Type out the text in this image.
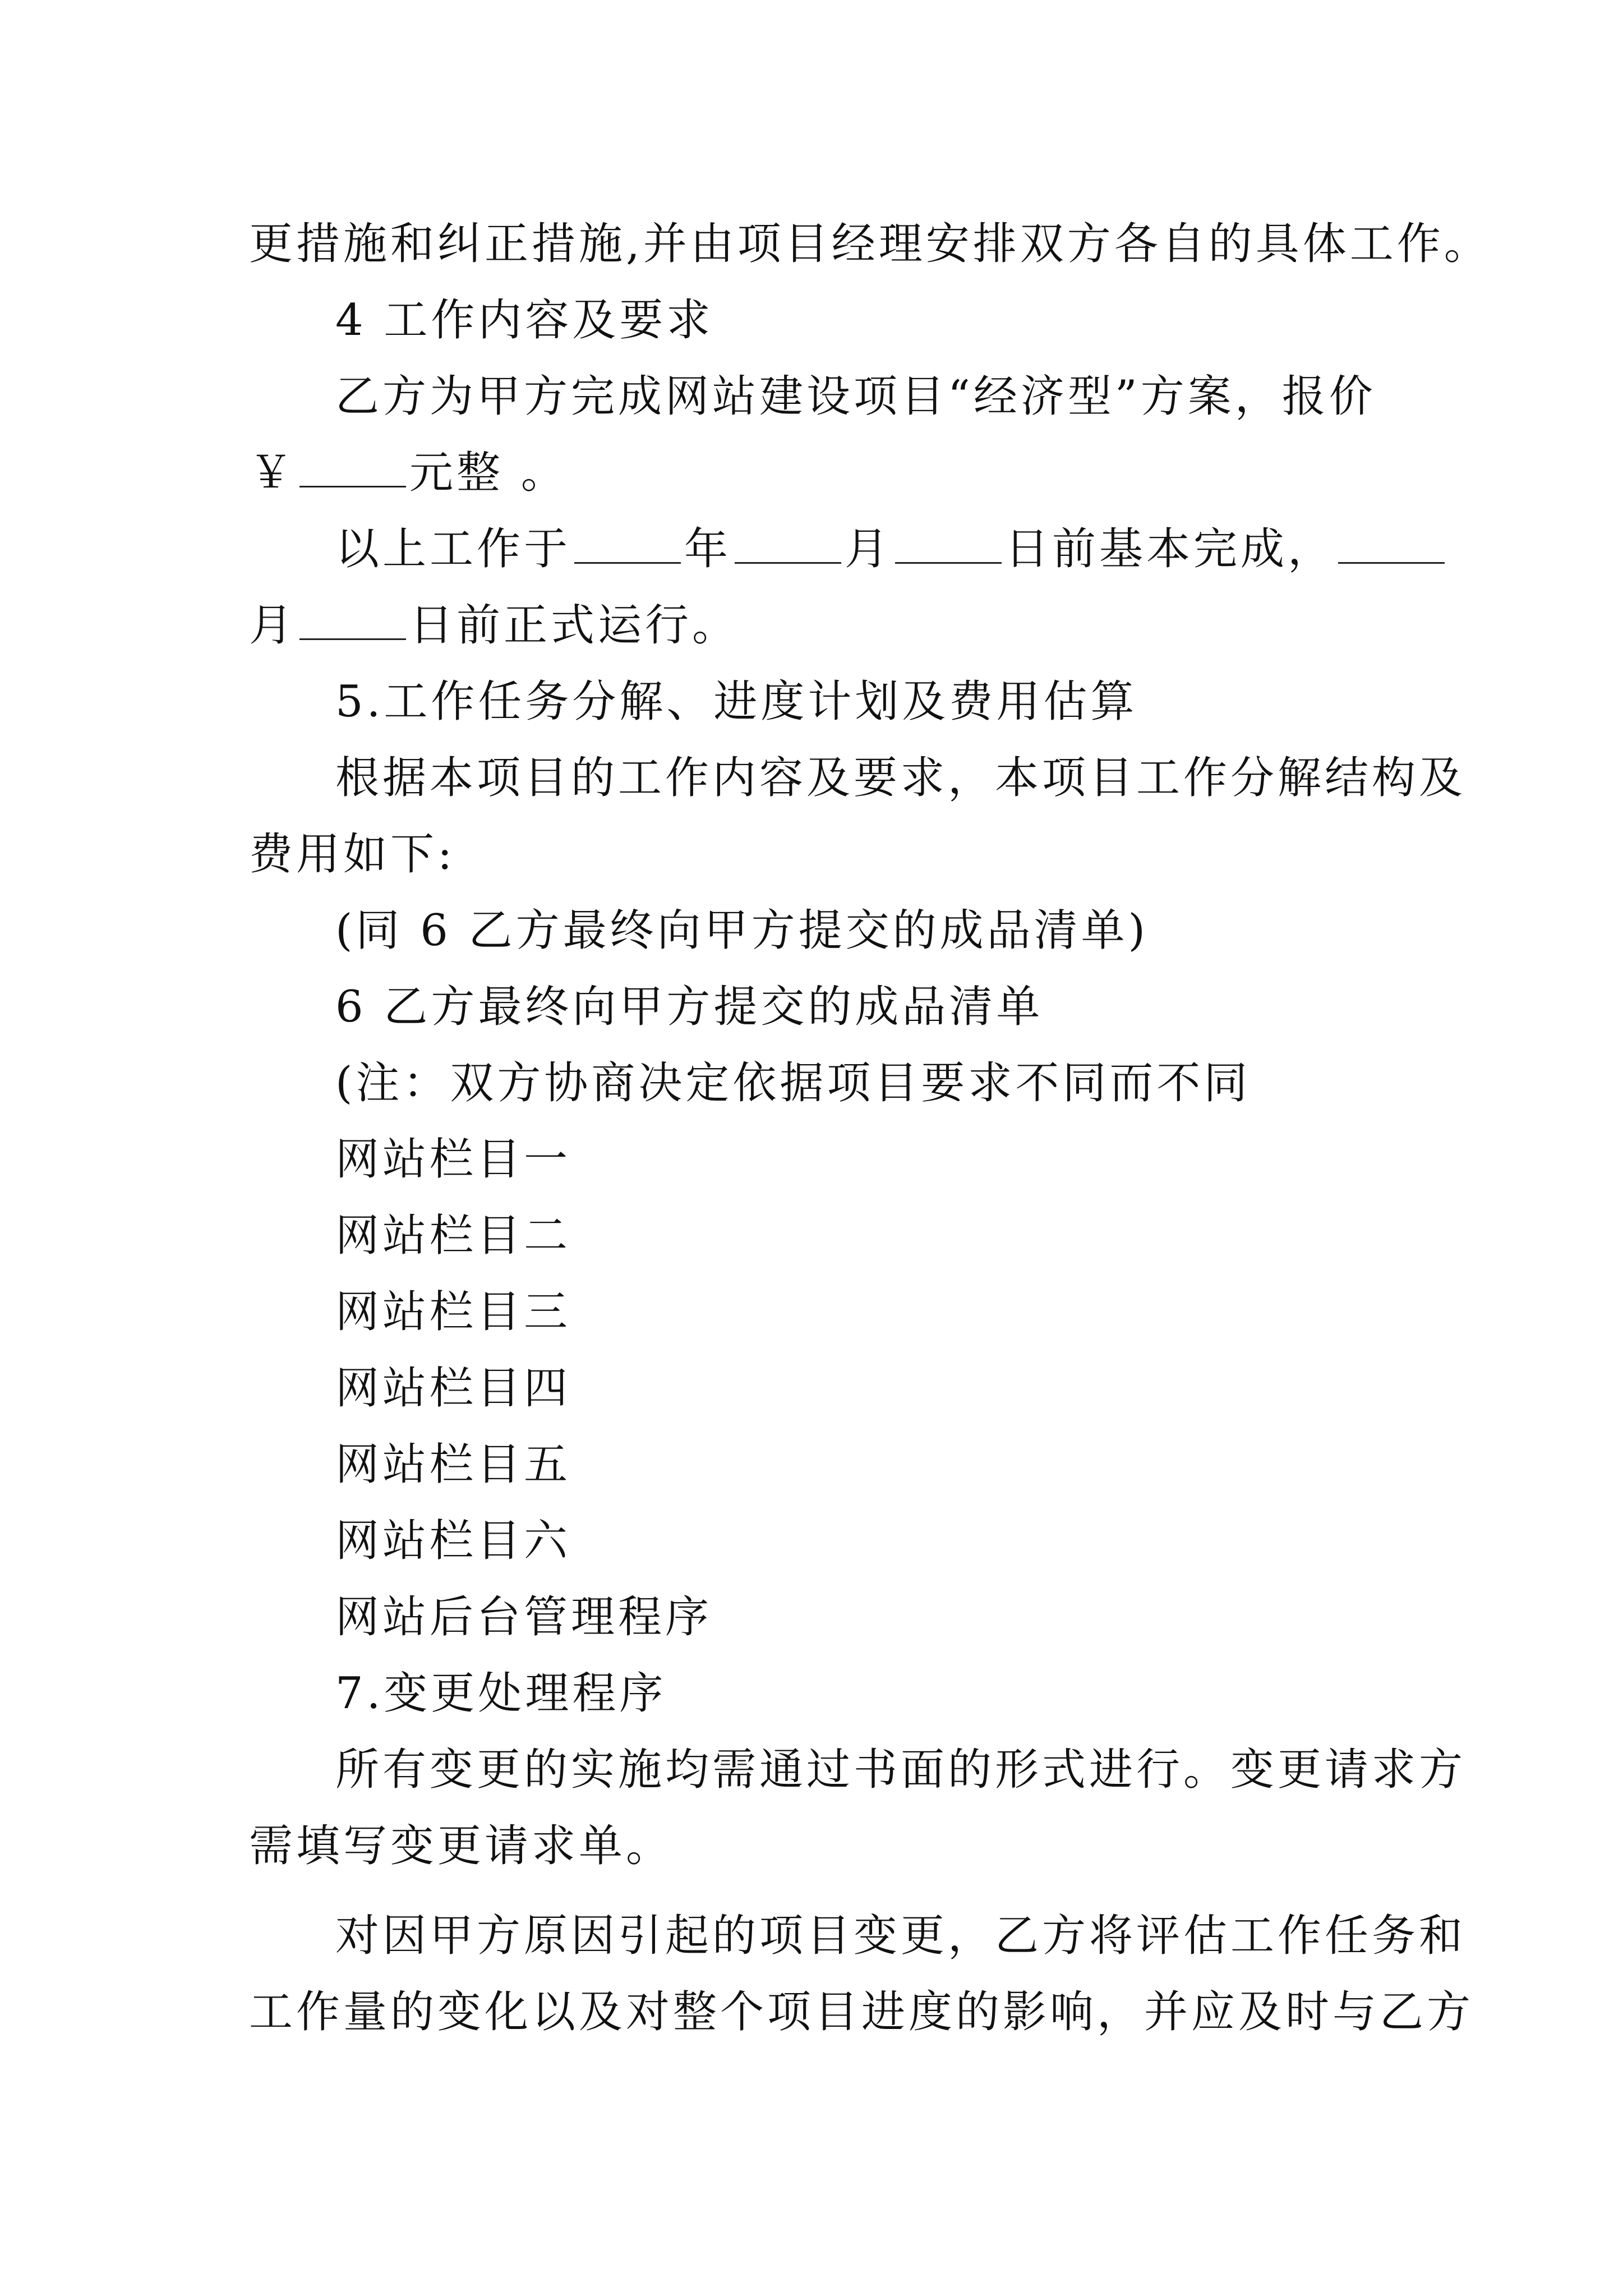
更措施和纠正措施,并由项目经理安排双方各自的具体工作。
4 工作内容及要求
乙方为甲方完成网站建设项目“经济型”方案，报价
￥	元整 。
以上工作于	年	月	日前基本完成，
月	日前正式运行。
5.工作任务分解、进度计划及费用估算
根据本项目的工作内容及要求，本项目工作分解结构及
费用如下:
(同 6 乙方最终向甲方提交的成品清单)
6 乙方最终向甲方提交的成品清单
(注：双方协商决定依据项目要求不同而不同
网站栏目一
网站栏目二
网站栏目三
网站栏目四
网站栏目五
网站栏目六
网站后台管理程序
7.变更处理程序
所有变更的实施均需通过书面的形式进行。变更请求方
需填写变更请求单。
对因甲方原因引起的项目变更，乙方将评估工作任务和
工作量的变化以及对整个项目进度的影响，并应及时与乙方
